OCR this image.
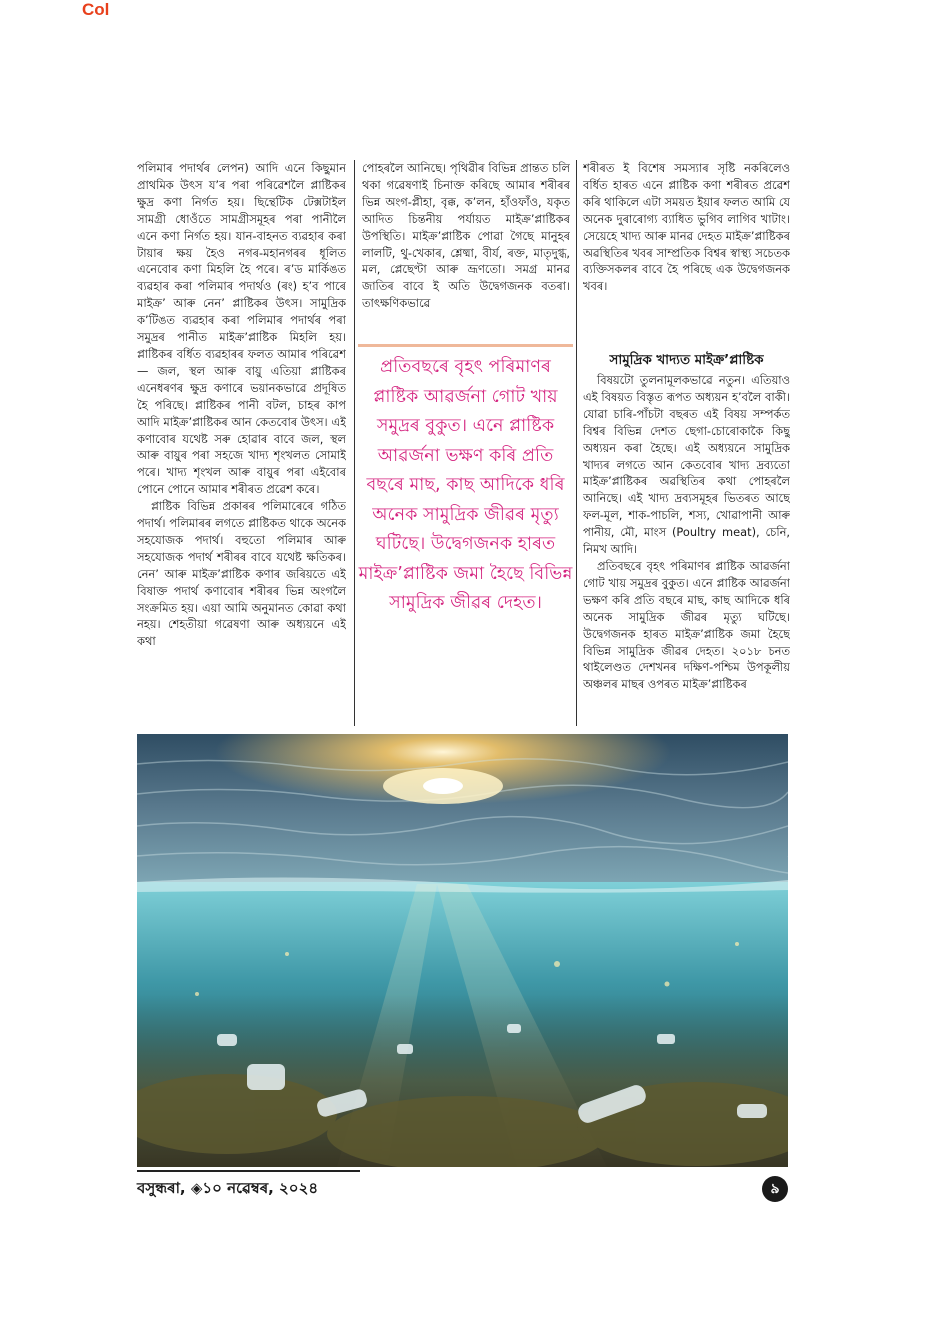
Col

পলিমাৰ পদাৰ্থৰ লেপন) আদি এনে কিছুমান প্ৰাথমিক উৎস য’ৰ পৰা পৰিৱেশলৈ প্লাষ্টিকৰ ক্ষুদ্ৰ কণা নিৰ্গত হয়। ছিন্থেটিক টেক্সটাইল সামগ্ৰী ধোওঁতে সামগ্ৰীসমূহৰ পৰা পানীলৈ এনে কণা নিৰ্গত হয়। যান-বাহনত ব্যৱহাৰ কৰা টায়াৰ ক্ষয় হৈও নগৰ-মহানগৰৰ ধূলিত এনেবোৰ কণা মিহলি হৈ পৰে। ৰ’ড মাৰ্কিঙত ব্যৱহাৰ কৰা পলিমাৰ পদাৰ্থও (ৰং) হ’ব পাৰে মাইক্ৰ’ আৰু নেন’ প্লাষ্টিকৰ উৎস। সামুদ্ৰিক ক’টিঙত ব্যৱহাৰ কৰা পলিমাৰ পদাৰ্থৰ পৰা সমুদ্ৰৰ পানীত মাইক্ৰ’প্লাষ্টিক মিহলি হয়। প্লাষ্টিকৰ বৰ্ধিত ব্যৱহাৰৰ ফলত আমাৰ পৰিৱেশ— জল, স্থল আৰু বায়ু এতিয়া প্লাষ্টিকৰ এনেধৰণৰ ক্ষুদ্ৰ কণাৰে ভয়ানকভাৱে প্ৰদূষিত হৈ পৰিছে। প্লাষ্টিকৰ পানী বটল, চাহৰ কাপ আদি মাইক্ৰ’প্লাষ্টিকৰ আন কেতবোৰ উৎস। এই কণাবোৰ যথেষ্ট সৰু হোৱাৰ বাবে জল, স্থল আৰু বায়ুৰ পৰা সহজে খাদ্য শৃংখলত সোমাই পৰে। খাদ্য শৃংখল আৰু বায়ুৰ পৰা এইবোৰ পোনে পোনে আমাৰ শৰীৰত প্ৰৱেশ কৰে।

প্লাষ্টিক বিভিন্ন প্ৰকাৰৰ পলিমাৰেৰে গঠিত পদাৰ্থ। পলিমাৰৰ লগতে প্লাষ্টিকত থাকে অনেক সহযোজক পদাৰ্থ। বহুতো পলিমাৰ আৰু সহযোজক পদাৰ্থ শৰীৰৰ বাবে যথেষ্ট ক্ষতিকৰ। নেন’ আৰু মাইক্ৰ’প্লাষ্টিক কণাৰ জৰিয়তে এই বিষাক্ত পদাৰ্থ কণাবোৰ শৰীৰৰ ভিন্ন অংগলৈ সংক্ৰমিত হয়। এয়া আমি অনুমানত কোৱা কথা নহয়। শেহতীয়া গৱেষণা আৰু অধ্যয়নে এই কথা

পোহৰলৈ আনিছে। পৃথিৱীৰ বিভিন্ন প্ৰান্তত চলি থকা গৱেষণাই চিনাক্ত কৰিছে আমাৰ শৰীৰৰ ভিন্ন অংগ-প্লীহা, বৃক্ক, ক’লন, হাঁওফাঁও, যকৃত আদিত চিন্তনীয় পৰ্যায়ত মাইক্ৰ’প্লাষ্টিকৰ উপস্থিতি। মাইক্ৰ’প্লাষ্টিক পোৱা গৈছে মানুহৰ লালটি, থু-খেকাৰ, শ্লেষ্মা, বীৰ্য, ৰক্ত, মাতৃদুগ্ধ, মল, প্লেছেণ্টা আৰু ভ্ৰূণতো। সমগ্ৰ মানৱ জাতিৰ বাবে ই অতি উদ্বেগজনক বতৰা। তাৎক্ষণিকভাৱে

প্ৰতিবছৰে বৃহৎ পৰিমাণৰ প্লাষ্টিক আৱৰ্জনা গোট খায় সমুদ্ৰৰ বুকুত। এনে প্লাষ্টিক আৱৰ্জনা ভক্ষণ কৰি প্ৰতি বছৰে মাছ, কাছ আদিকে ধৰি অনেক সামুদ্ৰিক জীৱৰ মৃত্যু ঘটিছে। উদ্বেগজনক হাৰত মাইক্ৰ’প্লাষ্টিক জমা হৈছে বিভিন্ন সামুদ্ৰিক জীৱৰ দেহত।

শৰীৰত ই বিশেষ সমস্যাৰ সৃষ্টি নকৰিলেও বৰ্ধিত হাৰত এনে প্লাষ্টিক কণা শৰীৰত প্ৰৱেশ কৰি থাকিলে এটা সময়ত ইয়াৰ ফলত আমি যে অনেক দুৰাৰোগ্য ব্যাধিত ভুগিব লাগিব খাটাং। সেয়েহে খাদ্য আৰু মানৱ দেহত মাইক্ৰ’প্লাষ্টিকৰ অৱস্থিতিৰ খবৰ সাম্প্ৰতিক বিশ্বৰ স্বাস্থ্য সচেতক ব্যক্তিসকলৰ বাবে হৈ পৰিছে এক উদ্বেগজনক খবৰ।

সামুদ্ৰিক খাদ্যত মাইক্ৰ’প্লাষ্টিক

বিষয়টো তুলনামূলকভাৱে নতুন। এতিয়াও এই বিষয়ত বিস্তৃত ৰূপত অধ্যয়ন হ’বলৈ বাকী। যোৱা চাৰি-পাঁচটা বছৰত এই বিষয় সম্পৰ্কত বিশ্বৰ বিভিন্ন দেশত ছেগা-চোৰোকাকৈ কিছু অধ্যয়ন কৰা হৈছে। এই অধ্যয়নে সামুদ্ৰিক খাদ্যৰ লগতে আন কেতবোৰ খাদ্য দ্ৰব্যতো মাইক্ৰ’প্লাষ্টিকৰ অৱস্থিতিৰ কথা পোহৰলৈ আনিছে। এই খাদ্য দ্ৰব্যসমূহৰ ভিতৰত আছে ফল-মূল, শাক-পাচলি, শস্য, খোৱাপানী আৰু পানীয়, মৌ, মাংস (Poultry meat), চেনি, নিমখ আদি।

প্ৰতিবছৰে বৃহৎ পৰিমাণৰ প্লাষ্টিক আৱৰ্জনা গোট খায় সমুদ্ৰৰ বুকুত। এনে প্লাষ্টিক আৱৰ্জনা ভক্ষণ কৰি প্ৰতি বছৰে মাছ, কাছ আদিকে ধৰি অনেক সামুদ্ৰিক জীৱৰ মৃত্যু ঘটিছে। উদ্বেগজনক হাৰত মাইক্ৰ’প্লাষ্টিক জমা হৈছে বিভিন্ন সামুদ্ৰিক জীৱৰ দেহত। ২০১৮ চনত থাইলেণ্ডত দেশখনৰ দক্ষিণ-পশ্চিম উপকূলীয় অঞ্চলৰ মাছৰ ওপৰত মাইক্ৰ’প্লাষ্টিকৰ

বসুন্ধৰা, ◈১০ নৱেম্বৰ, ২০২৪	৯
